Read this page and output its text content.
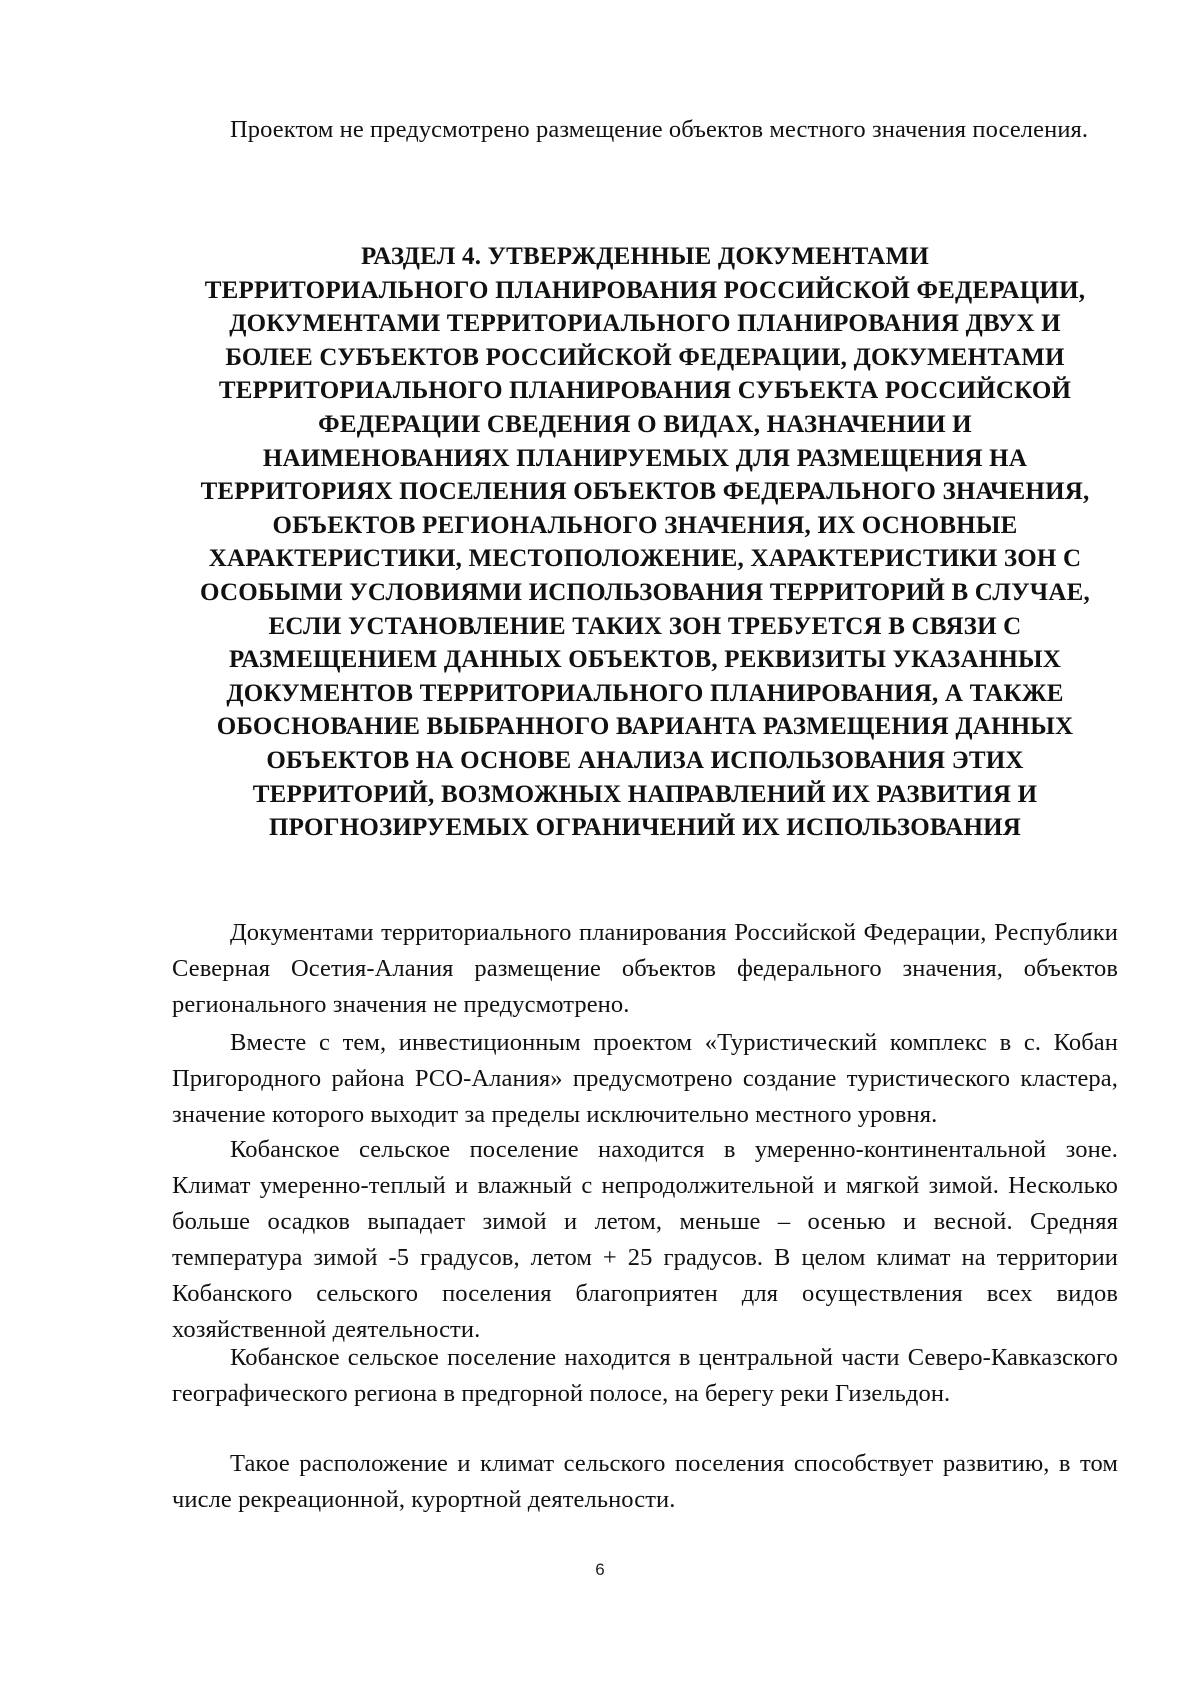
Проектом не предусмотрено размещение объектов местного значения поселения.

РАЗДЕЛ 4. УТВЕРЖДЕННЫЕ ДОКУМЕНТАМИ
ТЕРРИТОРИАЛЬНОГО ПЛАНИРОВАНИЯ РОССИЙСКОЙ ФЕДЕРАЦИИ,
ДОКУМЕНТАМИ ТЕРРИТОРИАЛЬНОГО ПЛАНИРОВАНИЯ ДВУХ И
БОЛЕЕ СУБЪЕКТОВ РОССИЙСКОЙ ФЕДЕРАЦИИ, ДОКУМЕНТАМИ
ТЕРРИТОРИАЛЬНОГО ПЛАНИРОВАНИЯ СУБЪЕКТА РОССИЙСКОЙ
ФЕДЕРАЦИИ СВЕДЕНИЯ О ВИДАХ, НАЗНАЧЕНИИ И
НАИМЕНОВАНИЯХ ПЛАНИРУЕМЫХ ДЛЯ РАЗМЕЩЕНИЯ НА
ТЕРРИТОРИЯХ ПОСЕЛЕНИЯ ОБЪЕКТОВ ФЕДЕРАЛЬНОГО ЗНАЧЕНИЯ,
ОБЪЕКТОВ РЕГИОНАЛЬНОГО ЗНАЧЕНИЯ, ИХ ОСНОВНЫЕ
ХАРАКТЕРИСТИКИ, МЕСТОПОЛОЖЕНИЕ, ХАРАКТЕРИСТИКИ ЗОН С
ОСОБЫМИ УСЛОВИЯМИ ИСПОЛЬЗОВАНИЯ ТЕРРИТОРИЙ В СЛУЧАЕ,
ЕСЛИ УСТАНОВЛЕНИЕ ТАКИХ ЗОН ТРЕБУЕТСЯ В СВЯЗИ С
РАЗМЕЩЕНИЕМ ДАННЫХ ОБЪЕКТОВ, РЕКВИЗИТЫ УКАЗАННЫХ
ДОКУМЕНТОВ ТЕРРИТОРИАЛЬНОГО ПЛАНИРОВАНИЯ, А ТАКЖЕ
ОБОСНОВАНИЕ ВЫБРАННОГО ВАРИАНТА РАЗМЕЩЕНИЯ ДАННЫХ
ОБЪЕКТОВ НА ОСНОВЕ АНАЛИЗА ИСПОЛЬЗОВАНИЯ ЭТИХ
ТЕРРИТОРИЙ, ВОЗМОЖНЫХ НАПРАВЛЕНИЙ ИХ РАЗВИТИЯ И
ПРОГНОЗИРУЕМЫХ ОГРАНИЧЕНИЙ ИХ ИСПОЛЬЗОВАНИЯ

Документами территориального планирования Российской Федерации, Республики Северная Осетия-Алания размещение объектов федерального значения, объектов регионального значения не предусмотрено.

Вместе с тем, инвестиционным проектом «Туристический комплекс в с. Кобан Пригородного района РСО-Алания» предусмотрено создание туристического кластера, значение которого выходит за пределы исключительно местного уровня.

Кобанское сельское поселение находится в умеренно-континентальной зоне. Климат умеренно-теплый и влажный с непродолжительной и мягкой зимой. Несколько больше осадков выпадает зимой и летом, меньше – осенью и весной. Средняя температура зимой -5 градусов, летом + 25 градусов. В целом климат на территории Кобанского сельского поселения благоприятен для осуществления всех видов хозяйственной деятельности.

Кобанское сельское поселение находится в центральной части Северо-Кавказского географического региона в предгорной полосе, на берегу реки Гизельдон.

Такое расположение и климат сельского поселения способствует развитию, в том числе рекреационной, курортной деятельности.

6
